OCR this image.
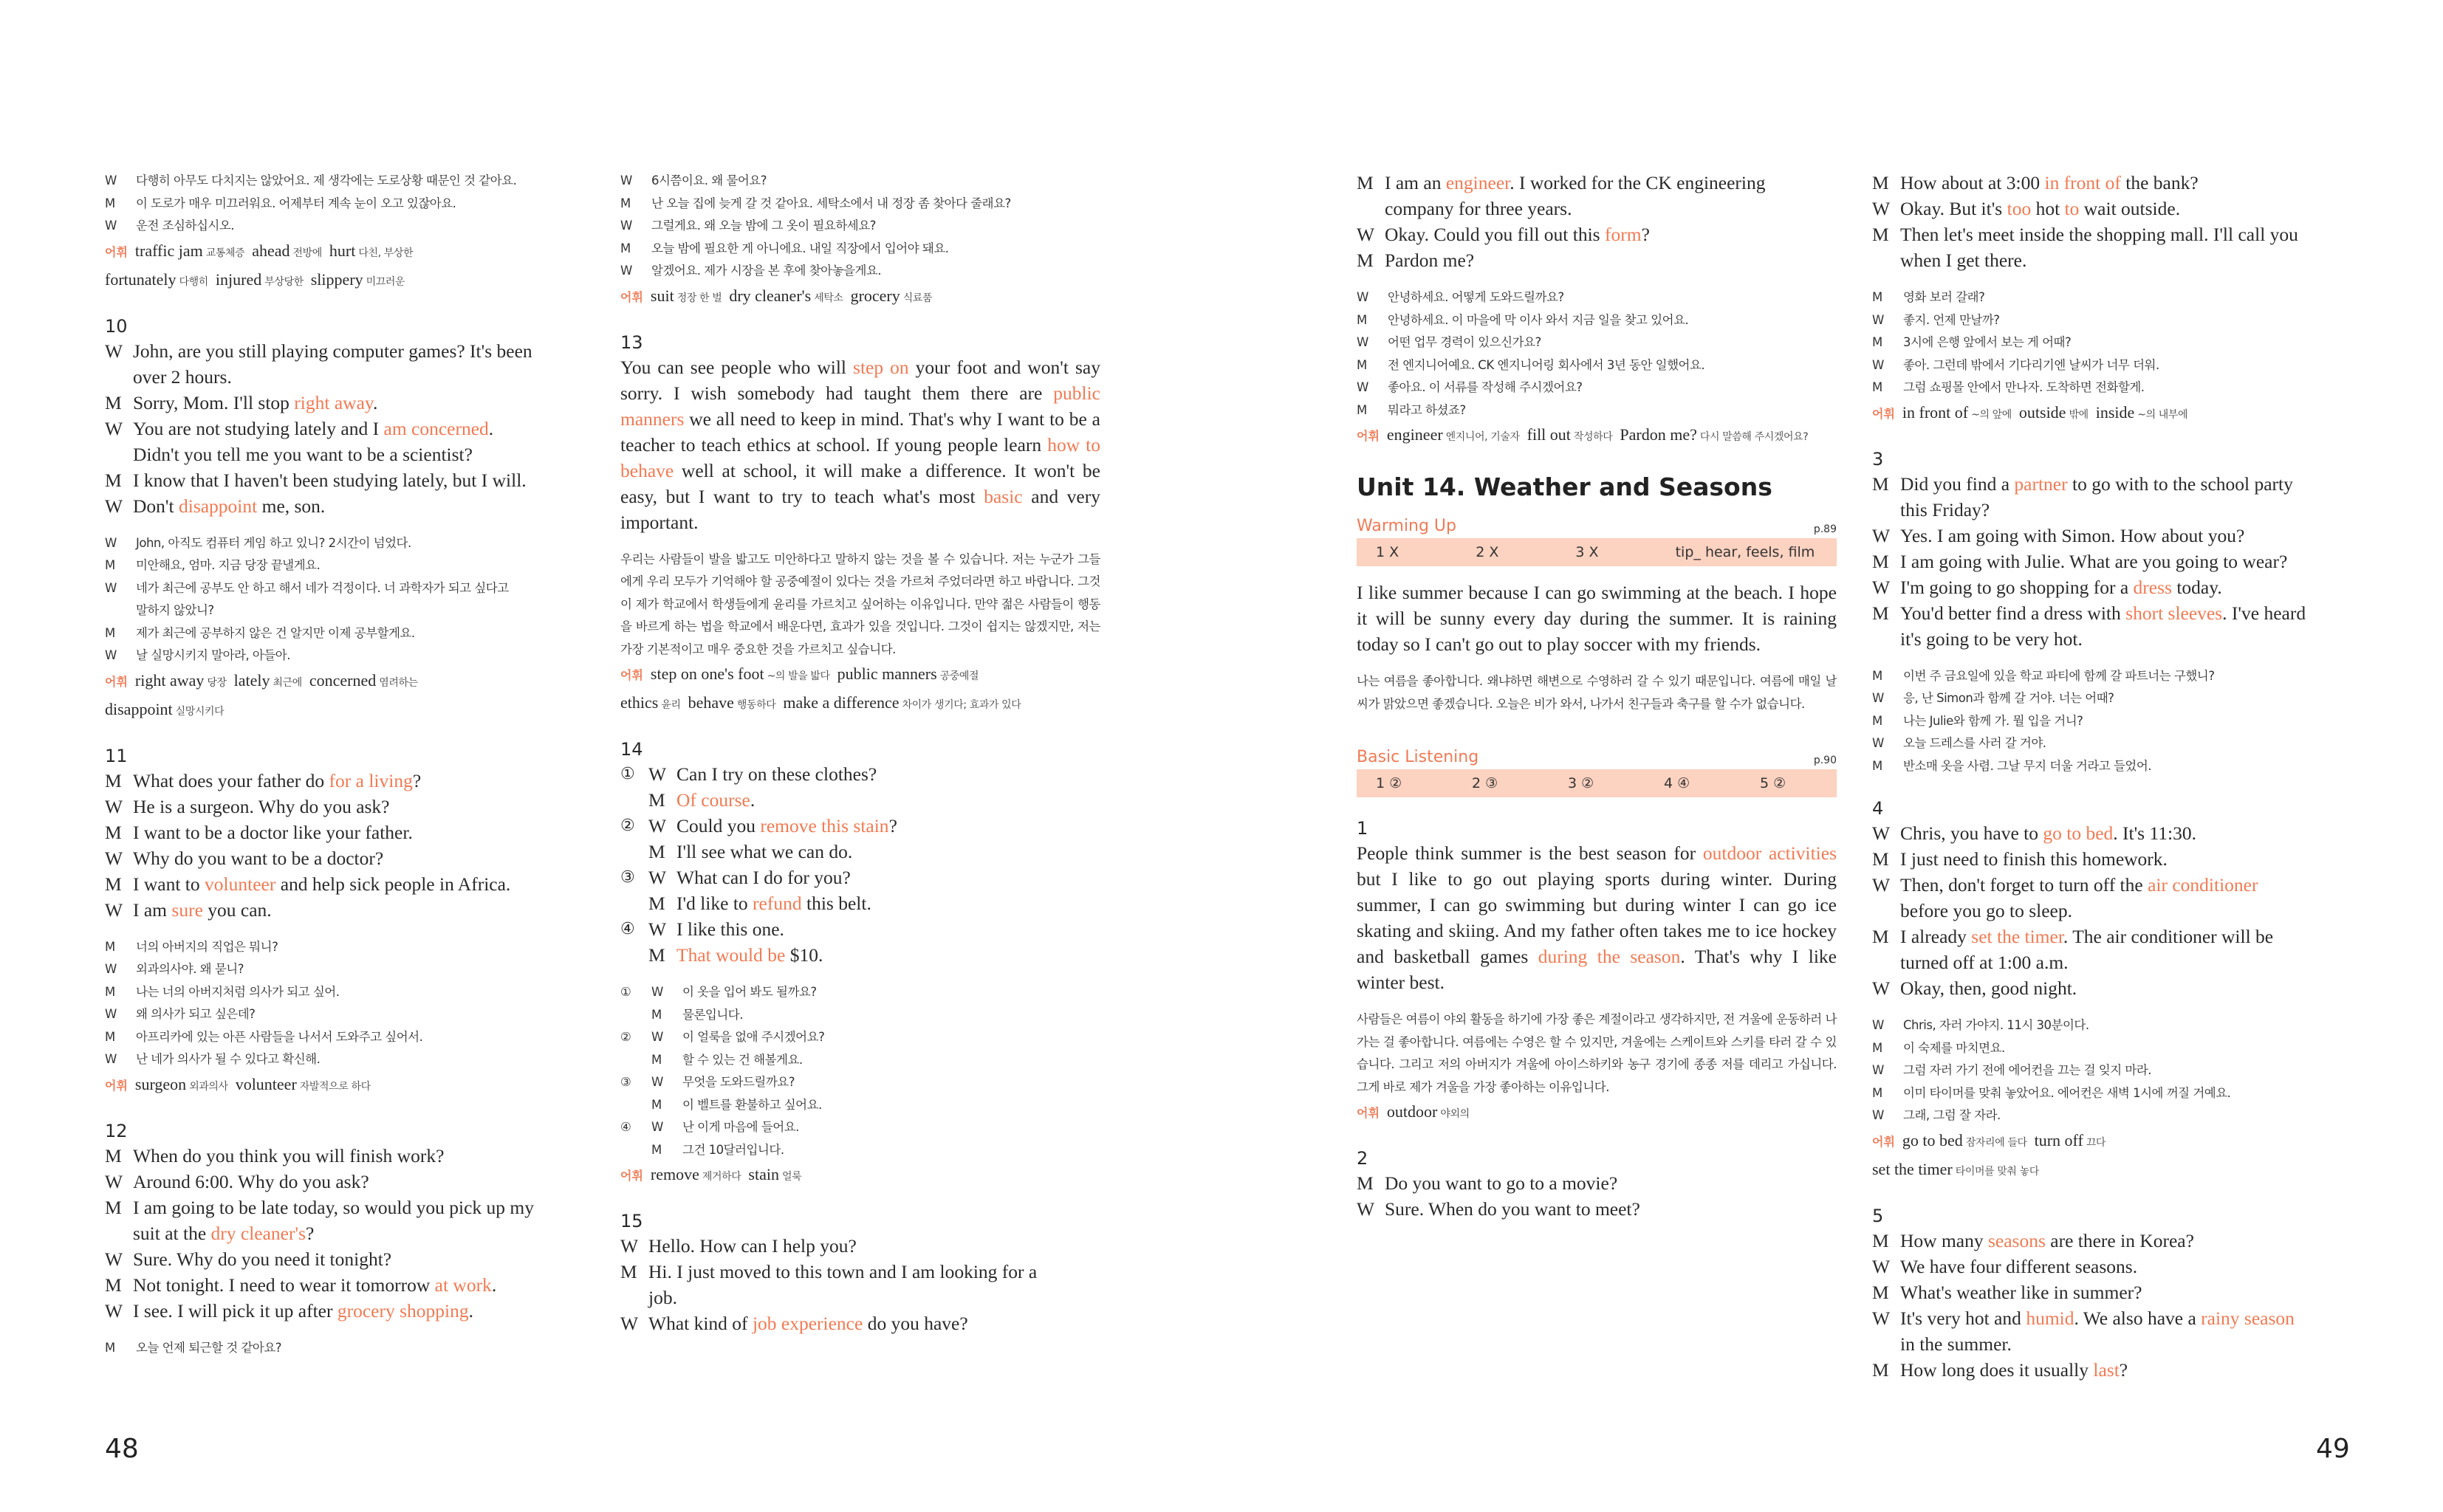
W	다행히 아무도 다치지는 않았어요. 제 생각에는 도로상황 때문인 것 같아요.
M	이 도로가 매우 미끄러워요. 어제부터 계속 눈이 오고 있잖아요.
W	운전 조심하십시오.
어휘 traffic jam 교통체증 ahead 전방에 hurt 다친, 부상한
fortunately 다행히 injured 부상당한 slippery 미끄러운
10
W John, are you still playing computer games? It's been
over 2 hours.
M Sorry, Mom. I'll stop right away.
W You are not studying lately and I am concerned.
Didn't you tell me you want to be a scientist?
M I know that I haven't been studying lately, but I will.
W Don't disappoint me, son.
W	John, 아직도 컴퓨터 게임 하고 있니? 2시간이 넘었다.
M	미안해요, 엄마. 지금 당장 끝낼게요.
W	네가 최근에 공부도 안 하고 해서 네가 걱정이다. 너 과학자가 되고 싶다고
말하지 않았니?
M	제가 최근에 공부하지 않은 건 알지만 이제 공부할게요.
W	날 실망시키지 말아라, 아들아.
어휘 right away 당장 lately 최근에 concerned 염려하는
disappoint 실망시키다
11
M What does your father do for a living?
W He is a surgeon. Why do you ask?
M I want to be a doctor like your father.
W Why do you want to be a doctor?
M I want to volunteer and help sick people in Africa.
W I am sure you can.
M	너의 아버지의 직업은 뭐니?
W	외과의사야. 왜 묻니?
M	나는 너의 아버지처럼 의사가 되고 싶어.
W	왜 의사가 되고 싶은데?
M	아프리카에 있는 아픈 사람들을 나서서 도와주고 싶어서.
W	난 네가 의사가 될 수 있다고 확신해.
어휘 surgeon 외과의사 volunteer 자발적으로 하다
12
M When do you think you will finish work?
W Around 6:00. Why do you ask?
M I am going to be late today, so would you pick up my
suit at the dry cleaner's?
W Sure. Why do you need it tonight?
M Not tonight. I need to wear it tomorrow at work.
W I see. I will pick it up after grocery shopping.
M	오늘 언제 퇴근할 것 같아요?
W	6시쯤이요. 왜 물어요?
M	난 오늘 집에 늦게 갈 것 같아요. 세탁소에서 내 정장 좀 찾아다 줄래요?
W	그럴게요. 왜 오늘 밤에 그 옷이 필요하세요?
M	오늘 밤에 필요한 게 아니에요. 내일 직장에서 입어야 돼요.
W	알겠어요. 제가 시장을 본 후에 찾아놓을게요.
어휘 suit 정장 한 벌 dry cleaner's 세탁소 grocery 식료품
13
You can see people who will step on your foot and won't say sorry. I wish somebody had taught them there are public manners we all need to keep in mind. That's why I want to be a teacher to teach ethics at school. If young people learn how to behave well at school, it will make a difference. It won't be easy, but I want to try to teach what's most basic and very important.
우리는 사람들이 발을 밟고도 미안하다고 말하지 않는 것을 볼 수 있습니다. 저는 누군가 그들에게 우리 모두가 기억해야 할 공중예절이 있다는 것을 가르쳐 주었더라면 하고 바랍니다. 그것이 제가 학교에서 학생들에게 윤리를 가르치고 싶어하는 이유입니다. 만약 젊은 사람들이 행동을 바르게 하는 법을 학교에서 배운다면, 효과가 있을 것입니다. 그것이 쉽지는 않겠지만, 저는 가장 기본적이고 매우 중요한 것을 가르치고 싶습니다.
어휘 step on one's foot ~의 발을 밟다 public manners 공중예절
ethics 윤리 behave 행동하다 make a difference 차이가 생기다; 효과가 있다
14
① W Can I try on these clothes?
M Of course.
② W Could you remove this stain?
M I'll see what we can do.
③ W What can I do for you?
M I'd like to refund this belt.
④ W I like this one.
M That would be $10.
①	W	이 옷을 입어 봐도 될까요?
M	물론입니다.
②	W	이 얼룩을 없애 주시겠어요?
M	할 수 있는 건 해볼게요.
③	W	무엇을 도와드릴까요?
M	이 벨트를 환불하고 싶어요.
④	W	난 이게 마음에 들어요.
M	그건 10달러입니다.
어휘 remove 제거하다 stain 얼룩
15
W Hello. How can I help you?
M Hi. I just moved to this town and I am looking for a
job.
W What kind of job experience do you have?
M I am an engineer. I worked for the CK engineering
company for three years.
W Okay. Could you fill out this form?
M Pardon me?
W	안녕하세요. 어떻게 도와드릴까요?
M	안녕하세요. 이 마을에 막 이사 와서 지금 일을 찾고 있어요.
W	어떤 업무 경력이 있으신가요?
M	전 엔지니어예요. CK 엔지니어링 회사에서 3년 동안 일했어요.
W	좋아요. 이 서류를 작성해 주시겠어요?
M	뭐라고 하셨죠?
어휘 engineer 엔지니어, 기술자 fill out 작성하다 Pardon me? 다시 말씀해 주시겠어요?
Unit 14. Weather and Seasons
Warming Up	p.89
1 X	2 X	3 X	tip_ hear, feels, film
I like summer because I can go swimming at the beach. I hope it will be sunny every day during the summer. It is raining today so I can't go out to play soccer with my friends.
나는 여름을 좋아합니다. 왜냐하면 해변으로 수영하러 갈 수 있기 때문입니다. 여름에 매일 날씨가 맑았으면 좋겠습니다. 오늘은 비가 와서, 나가서 친구들과 축구를 할 수가 없습니다.
Basic Listening	p.90
1 ②	2 ③	3 ②	4 ④	5 ②
1
People think summer is the best season for outdoor activities but I like to go out playing sports during winter. During summer, I can go swimming but during winter I can go ice skating and skiing. And my father often takes me to ice hockey and basketball games during the season. That's why I like winter best.
사람들은 여름이 야외 활동을 하기에 가장 좋은 계절이라고 생각하지만, 전 겨울에 운동하러 나가는 걸 좋아합니다. 여름에는 수영은 할 수 있지만, 겨울에는 스케이트와 스키를 타러 갈 수 있습니다. 그리고 저의 아버지가 겨울에 아이스하키와 농구 경기에 종종 저를 데리고 가십니다. 그게 바로 제가 겨울을 가장 좋아하는 이유입니다.
어휘 outdoor 야외의
2
M Do you want to go to a movie?
W Sure. When do you want to meet?
M How about at 3:00 in front of the bank?
W Okay. But it's too hot to wait outside.
M Then let's meet inside the shopping mall. I'll call you
when I get there.
M	영화 보러 갈래?
W	좋지. 언제 만날까?
M	3시에 은행 앞에서 보는 게 어때?
W	좋아. 그런데 밖에서 기다리기엔 날씨가 너무 더워.
M	그럼 쇼핑몰 안에서 만나자. 도착하면 전화할게.
어휘 in front of ~의 앞에 outside 밖에 inside ~의 내부에
3
M Did you find a partner to go with to the school party
this Friday?
W Yes. I am going with Simon. How about you?
M I am going with Julie. What are you going to wear?
W I'm going to go shopping for a dress today.
M You'd better find a dress with short sleeves. I've heard
it's going to be very hot.
M	이번 주 금요일에 있을 학교 파티에 함께 갈 파트너는 구했니?
W	응, 난 Simon과 함께 갈 거야. 너는 어때?
M	나는 Julie와 함께 가. 뭘 입을 거니?
W	오늘 드레스를 사러 갈 거야.
M	반소매 옷을 사렴. 그날 무지 더울 거라고 들었어.
4
W Chris, you have to go to bed. It's 11:30.
M I just need to finish this homework.
W Then, don't forget to turn off the air conditioner
before you go to sleep.
M I already set the timer. The air conditioner will be
turned off at 1:00 a.m.
W Okay, then, good night.
W	Chris, 자러 가야지. 11시 30분이다.
M	이 숙제를 마치면요.
W	그럼 자러 가기 전에 에어컨을 끄는 걸 잊지 마라.
M	이미 타이머를 맞춰 놓았어요. 에어컨은 새벽 1시에 꺼질 거예요.
W	그래, 그럼 잘 자라.
어휘 go to bed 잠자리에 들다 turn off 끄다
set the timer 타이머를 맞춰 놓다
5
M How many seasons are there in Korea?
W We have four different seasons.
M What's weather like in summer?
W It's very hot and humid. We also have a rainy season
in the summer.
M How long does it usually last?
48	49
